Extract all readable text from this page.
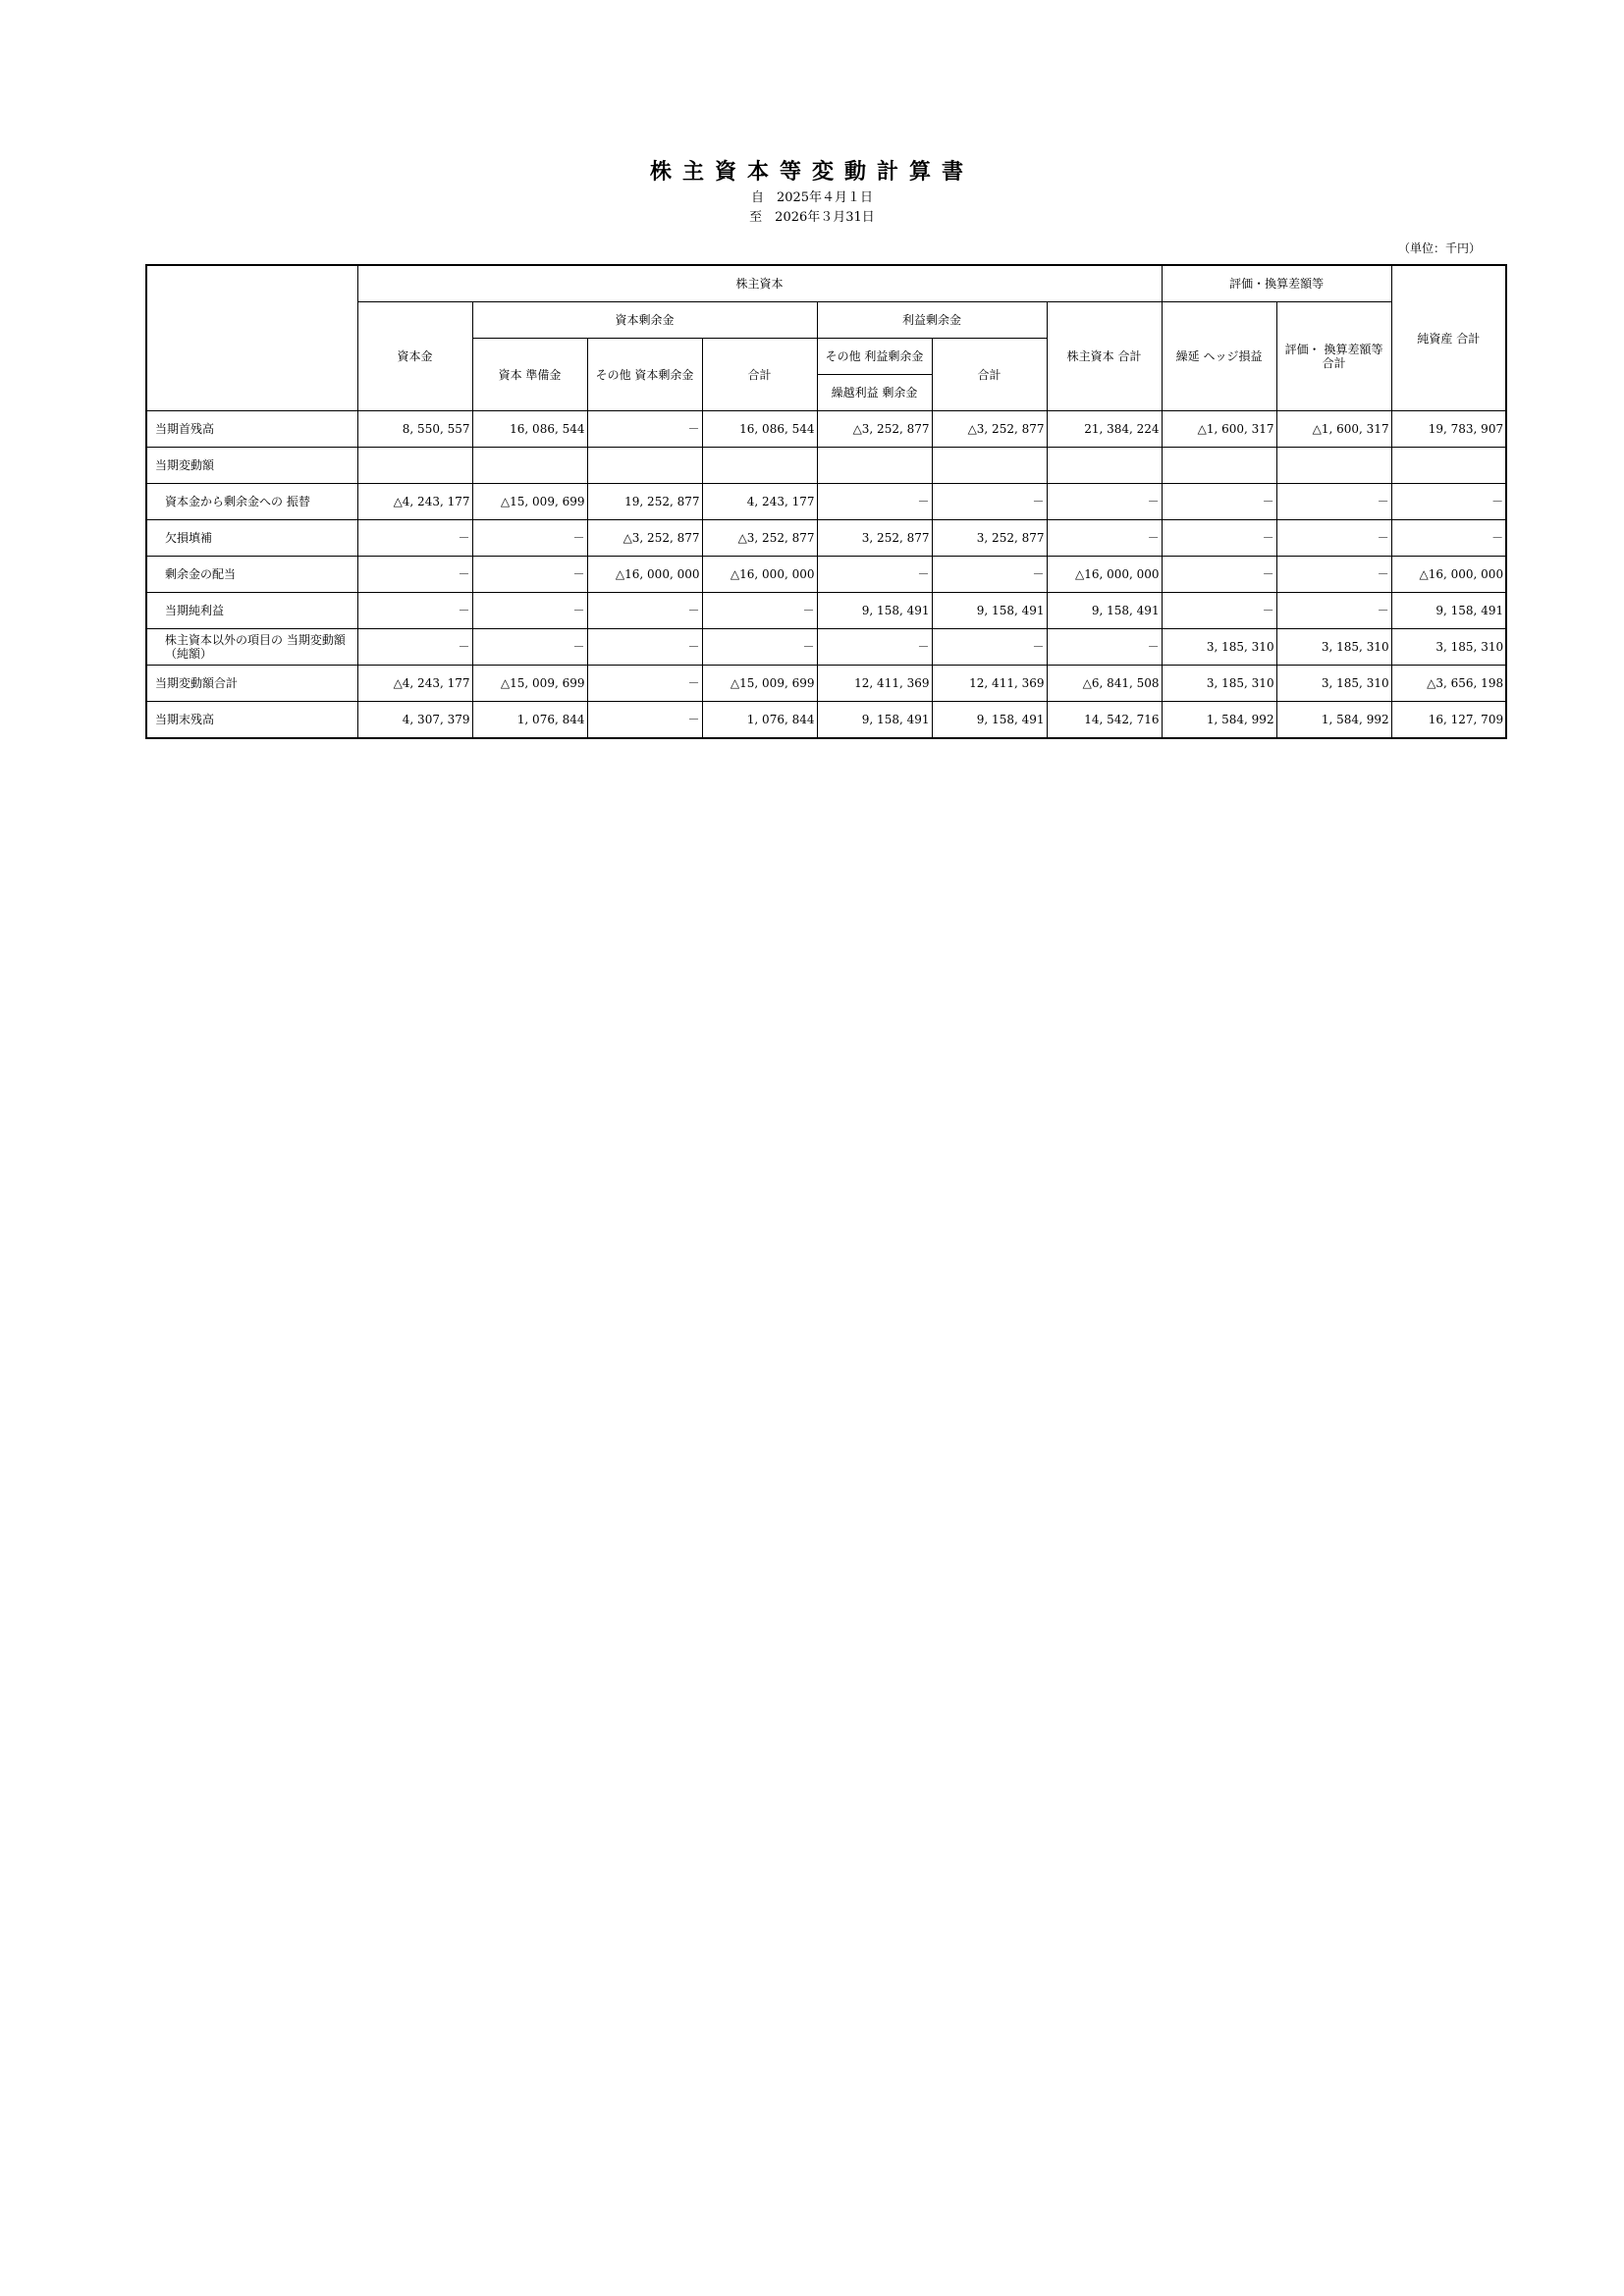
株主資本等変動計算書
自　2025年４月１日
至　2026年３月31日
（単位：千円）
	株主資本							評価・換算差額等		純資産 合計
	資本金	資本剰余金			利益剰余金		株主資本 合計	繰延 ヘッジ損益	評価・ 換算差額等 合計	
		資本 準備金	その他 資本剰余金	合計	その他 利益剰余金	合計				
					繰越利益 剰余金					
当期首残高	8, 550, 557	16, 086, 544	－	16, 086, 544	△3, 252, 877	△3, 252, 877	21, 384, 224	△1, 600, 317	△1, 600, 317	19, 783, 907
当期変動額										
資本金から剰余金への 振替	△4, 243, 177	△15, 009, 699	19, 252, 877	4, 243, 177	－	－	－	－	－	－
欠損填補	－	－	△3, 252, 877	△3, 252, 877	3, 252, 877	3, 252, 877	－	－	－	－
剰余金の配当	－	－	△16, 000, 000	△16, 000, 000	－	－	△16, 000, 000	－	－	△16, 000, 000
当期純利益	－	－	－	－	9, 158, 491	9, 158, 491	9, 158, 491	－	－	9, 158, 491
株主資本以外の項目の 当期変動額（純額）	－	－	－	－	－	－	－	3, 185, 310	3, 185, 310	3, 185, 310
当期変動額合計	△4, 243, 177	△15, 009, 699	－	△15, 009, 699	12, 411, 369	12, 411, 369	△6, 841, 508	3, 185, 310	3, 185, 310	△3, 656, 198
当期末残高	4, 307, 379	1, 076, 844	－	1, 076, 844	9, 158, 491	9, 158, 491	14, 542, 716	1, 584, 992	1, 584, 992	16, 127, 709
